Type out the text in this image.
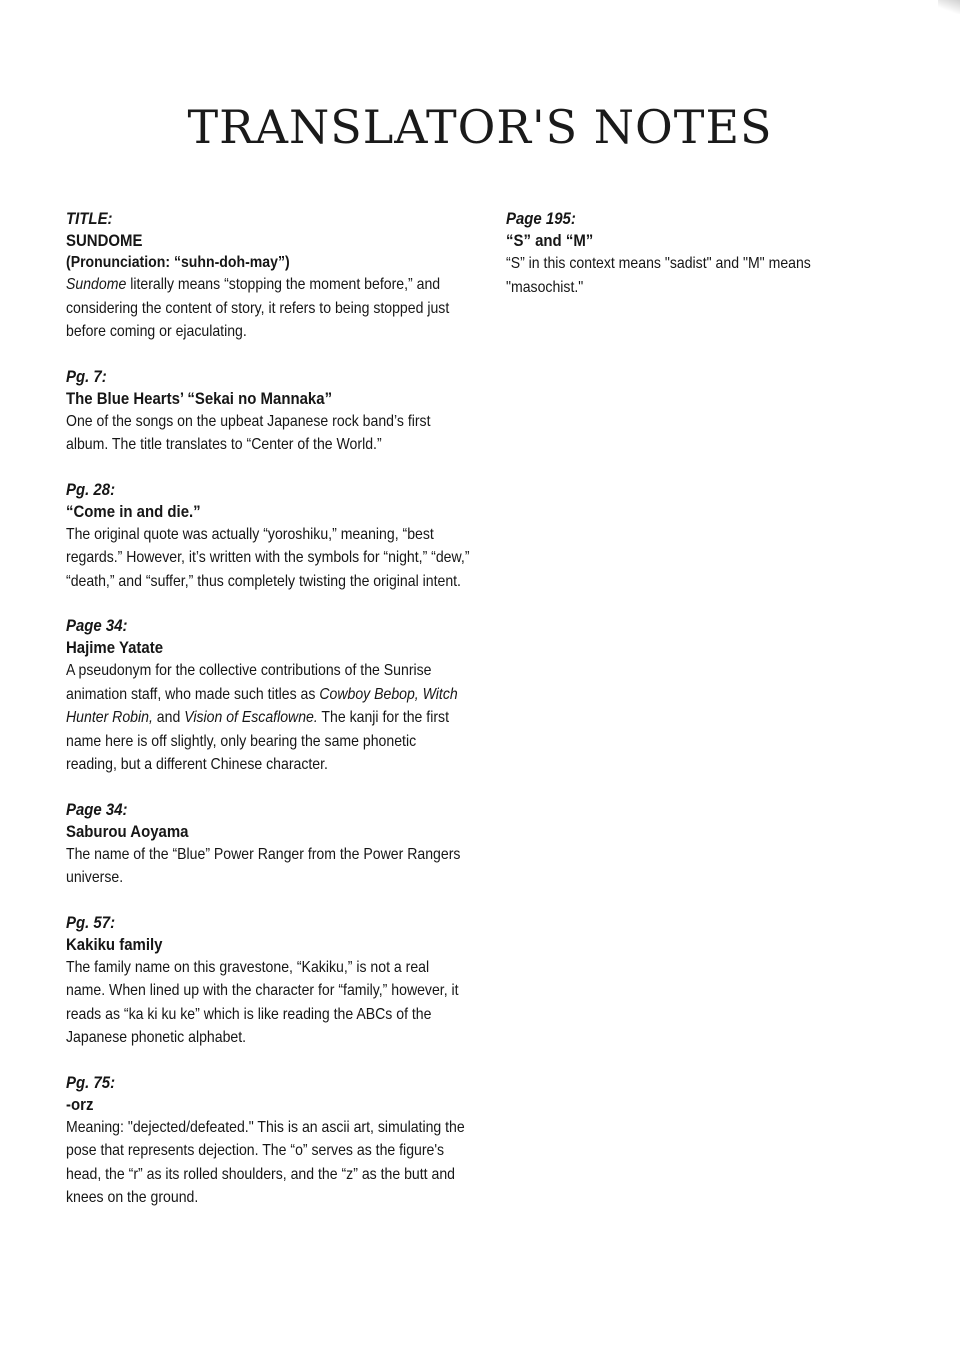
TRANSLATOR'S NOTES

TITLE:

SUNDOME

(Pronunciation: “suhn-doh-may”)

Sundome literally means “stopping the moment before,” and considering the content of story, it refers to being stopped just before coming or ejaculating.

Pg. 7:

The Blue Hearts’ “Sekai no Mannaka”

One of the songs on the upbeat Japanese rock band’s first album. The title translates to “Center of the World.”

Pg. 28:

“Come in and die.”

The original quote was actually “yoroshiku,” meaning, “best regards.” However, it’s written with the symbols for “night,” “dew,” “death,” and “suffer,” thus completely twisting the original intent.

Page 34:

Hajime Yatate

A pseudonym for the collective contributions of the Sunrise animation staff, who made such titles as Cowboy Bebop, Witch Hunter Robin, and Vision of Escaflowne. The kanji for the first name here is off slightly, only bearing the same phonetic reading, but a different Chinese character.

Page 34:

Saburou Aoyama

The name of the “Blue” Power Ranger from the Power Rangers universe.

Pg. 57:

Kakiku family

The family name on this gravestone, “Kakiku,” is not a real name. When lined up with the character for “family,” however, it reads as “ka ki ku ke” which is like reading the ABCs of the Japanese phonetic alphabet.

Pg. 75:

-orz

Meaning: "dejected/defeated." This is an ascii art, simulating the pose that represents dejection. The “o” serves as the figure's head, the “r” as its rolled shoulders, and the “z” as the butt and knees on the ground.

Page 195:

“S” and “M”

“S” in this context means "sadist" and "M" means "masochist."
